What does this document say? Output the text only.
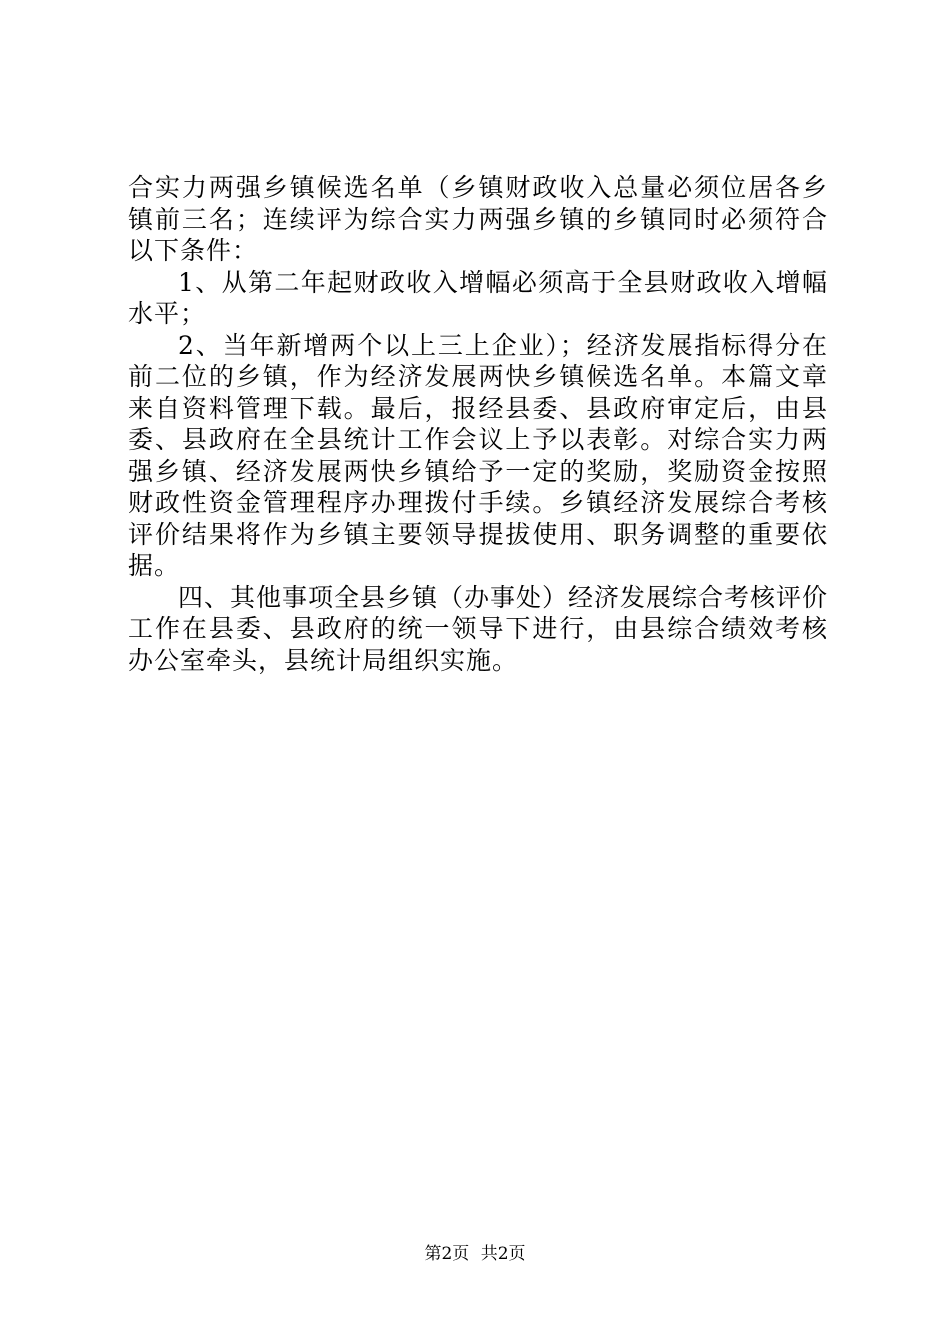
合实力两强乡镇候选名单（乡镇财政收入总量必须位居各乡镇前三名；连续评为综合实力两强乡镇的乡镇同时必须符合以下条件：

1、从第二年起财政收入增幅必须高于全县财政收入增幅水平；

2、当年新增两个以上三上企业）；经济发展指标得分在前二位的乡镇，作为经济发展两快乡镇候选名单。本篇文章来自资料管理下载。最后，报经县委、县政府审定后，由县委、县政府在全县统计工作会议上予以表彰。对综合实力两强乡镇、经济发展两快乡镇给予一定的奖励，奖励资金按照财政性资金管理程序办理拨付手续。乡镇经济发展综合考核评价结果将作为乡镇主要领导提拔使用、职务调整的重要依据。

四、其他事项全县乡镇（办事处）经济发展综合考核评价工作在县委、县政府的统一领导下进行，由县综合绩效考核办公室牵头，县统计局组织实施。

第2页 共2页
